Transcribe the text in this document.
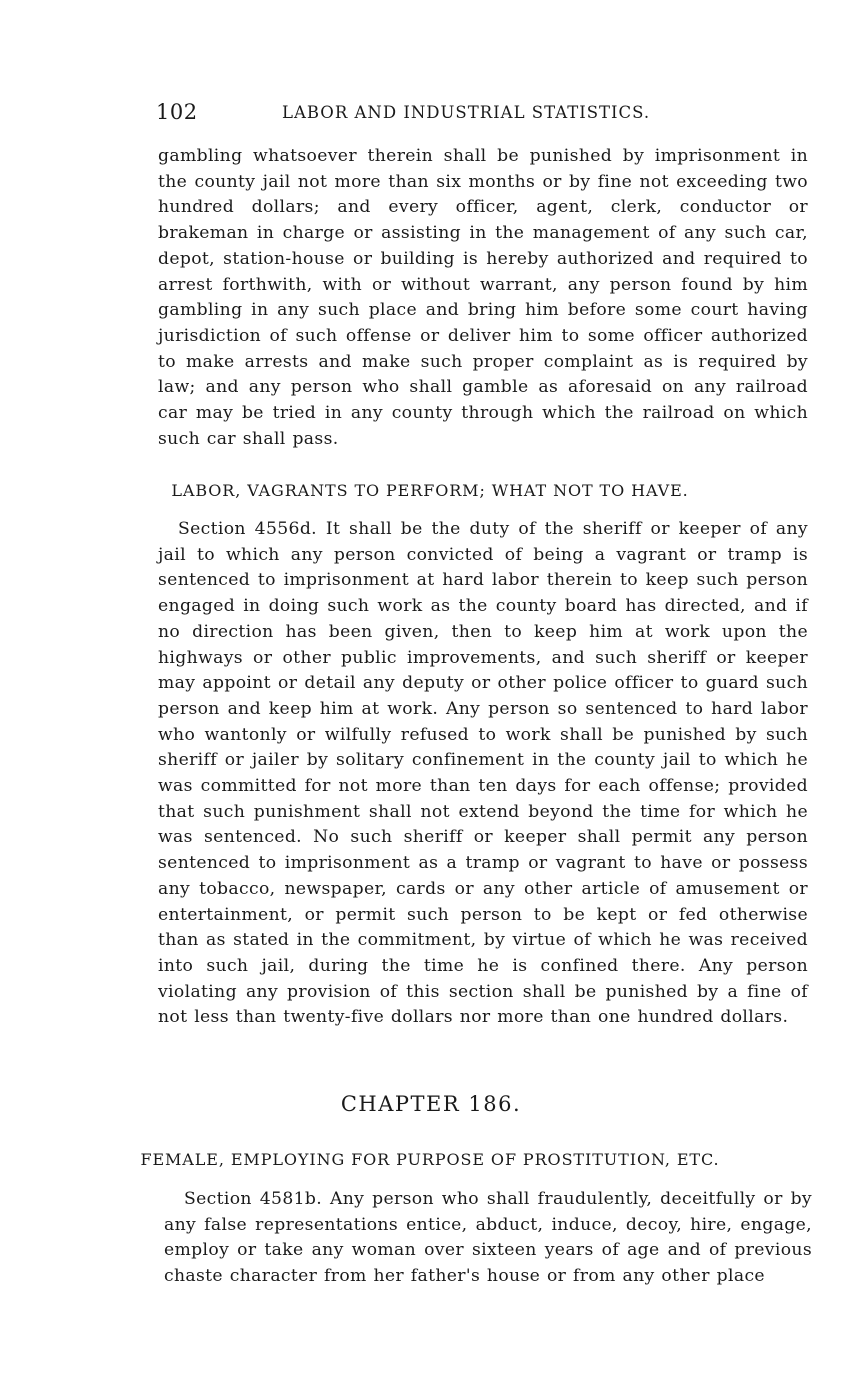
102	LABOR AND INDUSTRIAL STATISTICS.

gambling whatsoever therein shall be punished by imprisonment in the county jail not more than six months or by fine not exceeding two hundred dollars; and every officer, agent, clerk, conductor or brakeman in charge or assisting in the management of any such car, depot, station-house or building is hereby authorized and required to arrest forthwith, with or without warrant, any person found by him gambling in any such place and bring him before some court having jurisdiction of such offense or deliver him to some officer authorized to make arrests and make such proper complaint as is required by law; and any person who shall gamble as aforesaid on any railroad car may be tried in any county through which the railroad on which such car shall pass.

LABOR, VAGRANTS TO PERFORM; WHAT NOT TO HAVE.

Section 4556d. It shall be the duty of the sheriff or keeper of any jail to which any person convicted of being a vagrant or tramp is sentenced to imprisonment at hard labor therein to keep such person engaged in doing such work as the county board has directed, and if no direction has been given, then to keep him at work upon the highways or other public improvements, and such sheriff or keeper may appoint or detail any deputy or other police officer to guard such person and keep him at work. Any person so sentenced to hard labor who wantonly or wilfully refused to work shall be punished by such sheriff or jailer by solitary confinement in the county jail to which he was committed for not more than ten days for each offense; provided that such punishment shall not extend beyond the time for which he was sentenced. No such sheriff or keeper shall permit any person sentenced to imprisonment as a tramp or vagrant to have or possess any tobacco, newspaper, cards or any other article of amusement or entertainment, or permit such person to be kept or fed otherwise than as stated in the commitment, by virtue of which he was received into such jail, during the time he is confined there. Any person violating any provision of this section shall be punished by a fine of not less than twenty-five dollars nor more than one hundred dollars.

CHAPTER 186.
FEMALE, EMPLOYING FOR PURPOSE OF PROSTITUTION, ETC.

Section 4581b. Any person who shall fraudulently, deceitfully or by any false representations entice, abduct, induce, decoy, hire, engage, employ or take any woman over sixteen years of age and of previous chaste character from her father's house or from any other place
